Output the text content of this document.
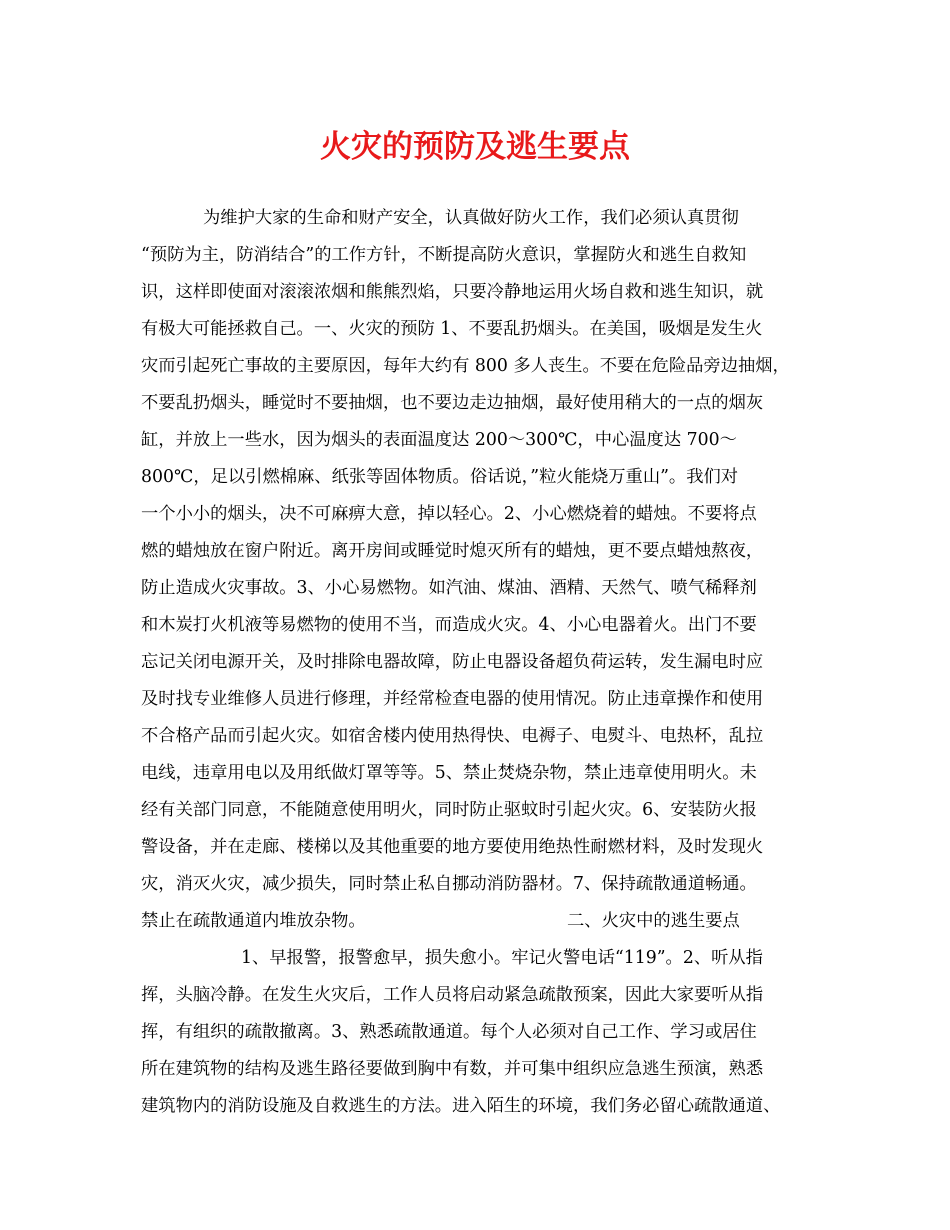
火灾的预防及逃生要点
为维护大家的生命和财产安全，认真做好防火工作，我们必须认真贯彻
“预防为主，防消结合”的工作方针，不断提高防火意识，掌握防火和逃生自救知
识，这样即使面对滚滚浓烟和熊熊烈焰，只要冷静地运用火场自救和逃生知识，就
有极大可能拯救自己。一、火灾的预防 1、不要乱扔烟头。在美国，吸烟是发生火
灾而引起死亡事故的主要原因，每年大约有 800 多人丧生。不要在危险品旁边抽烟，
不要乱扔烟头，睡觉时不要抽烟，也不要边走边抽烟，最好使用稍大的一点的烟灰
缸，并放上一些水，因为烟头的表面温度达 200～300℃，中心温度达 700～
800℃，足以引燃棉麻、纸张等固体物质。俗话说，”粒火能烧万重山”。我们对
一个小小的烟头，决不可麻痹大意，掉以轻心。2、小心燃烧着的蜡烛。不要将点
燃的蜡烛放在窗户附近。离开房间或睡觉时熄灭所有的蜡烛，更不要点蜡烛熬夜，
防止造成火灾事故。3、小心易燃物。如汽油、煤油、酒精、天然气、喷气稀释剂
和木炭打火机液等易燃物的使用不当，而造成火灾。4、小心电器着火。出门不要
忘记关闭电源开关，及时排除电器故障，防止电器设备超负荷运转，发生漏电时应
及时找专业维修人员进行修理，并经常检查电器的使用情况。防止违章操作和使用
不合格产品而引起火灾。如宿舍楼内使用热得快、电褥子、电熨斗、电热杯，乱拉
电线，违章用电以及用纸做灯罩等等。5、禁止焚烧杂物，禁止违章使用明火。未
经有关部门同意，不能随意使用明火，同时防止驱蚊时引起火灾。6、安装防火报
警设备，并在走廊、楼梯以及其他重要的地方要使用绝热性耐燃材料，及时发现火
灾，消灭火灾，减少损失，同时禁止私自挪动消防器材。7、保持疏散通道畅通。
禁止在疏散通道内堆放杂物。	二、火灾中的逃生要点
1、早报警，报警愈早，损失愈小。牢记火警电话“119”。2、听从指
挥，头脑冷静。在发生火灾后，工作人员将启动紧急疏散预案，因此大家要听从指
挥，有组织的疏散撤离。3、熟悉疏散通道。每个人必须对自己工作、学习或居住
所在建筑物的结构及逃生路径要做到胸中有数，并可集中组织应急逃生预演，熟悉
建筑物内的消防设施及自救逃生的方法。进入陌生的环境，我们务必留心疏散通道、
